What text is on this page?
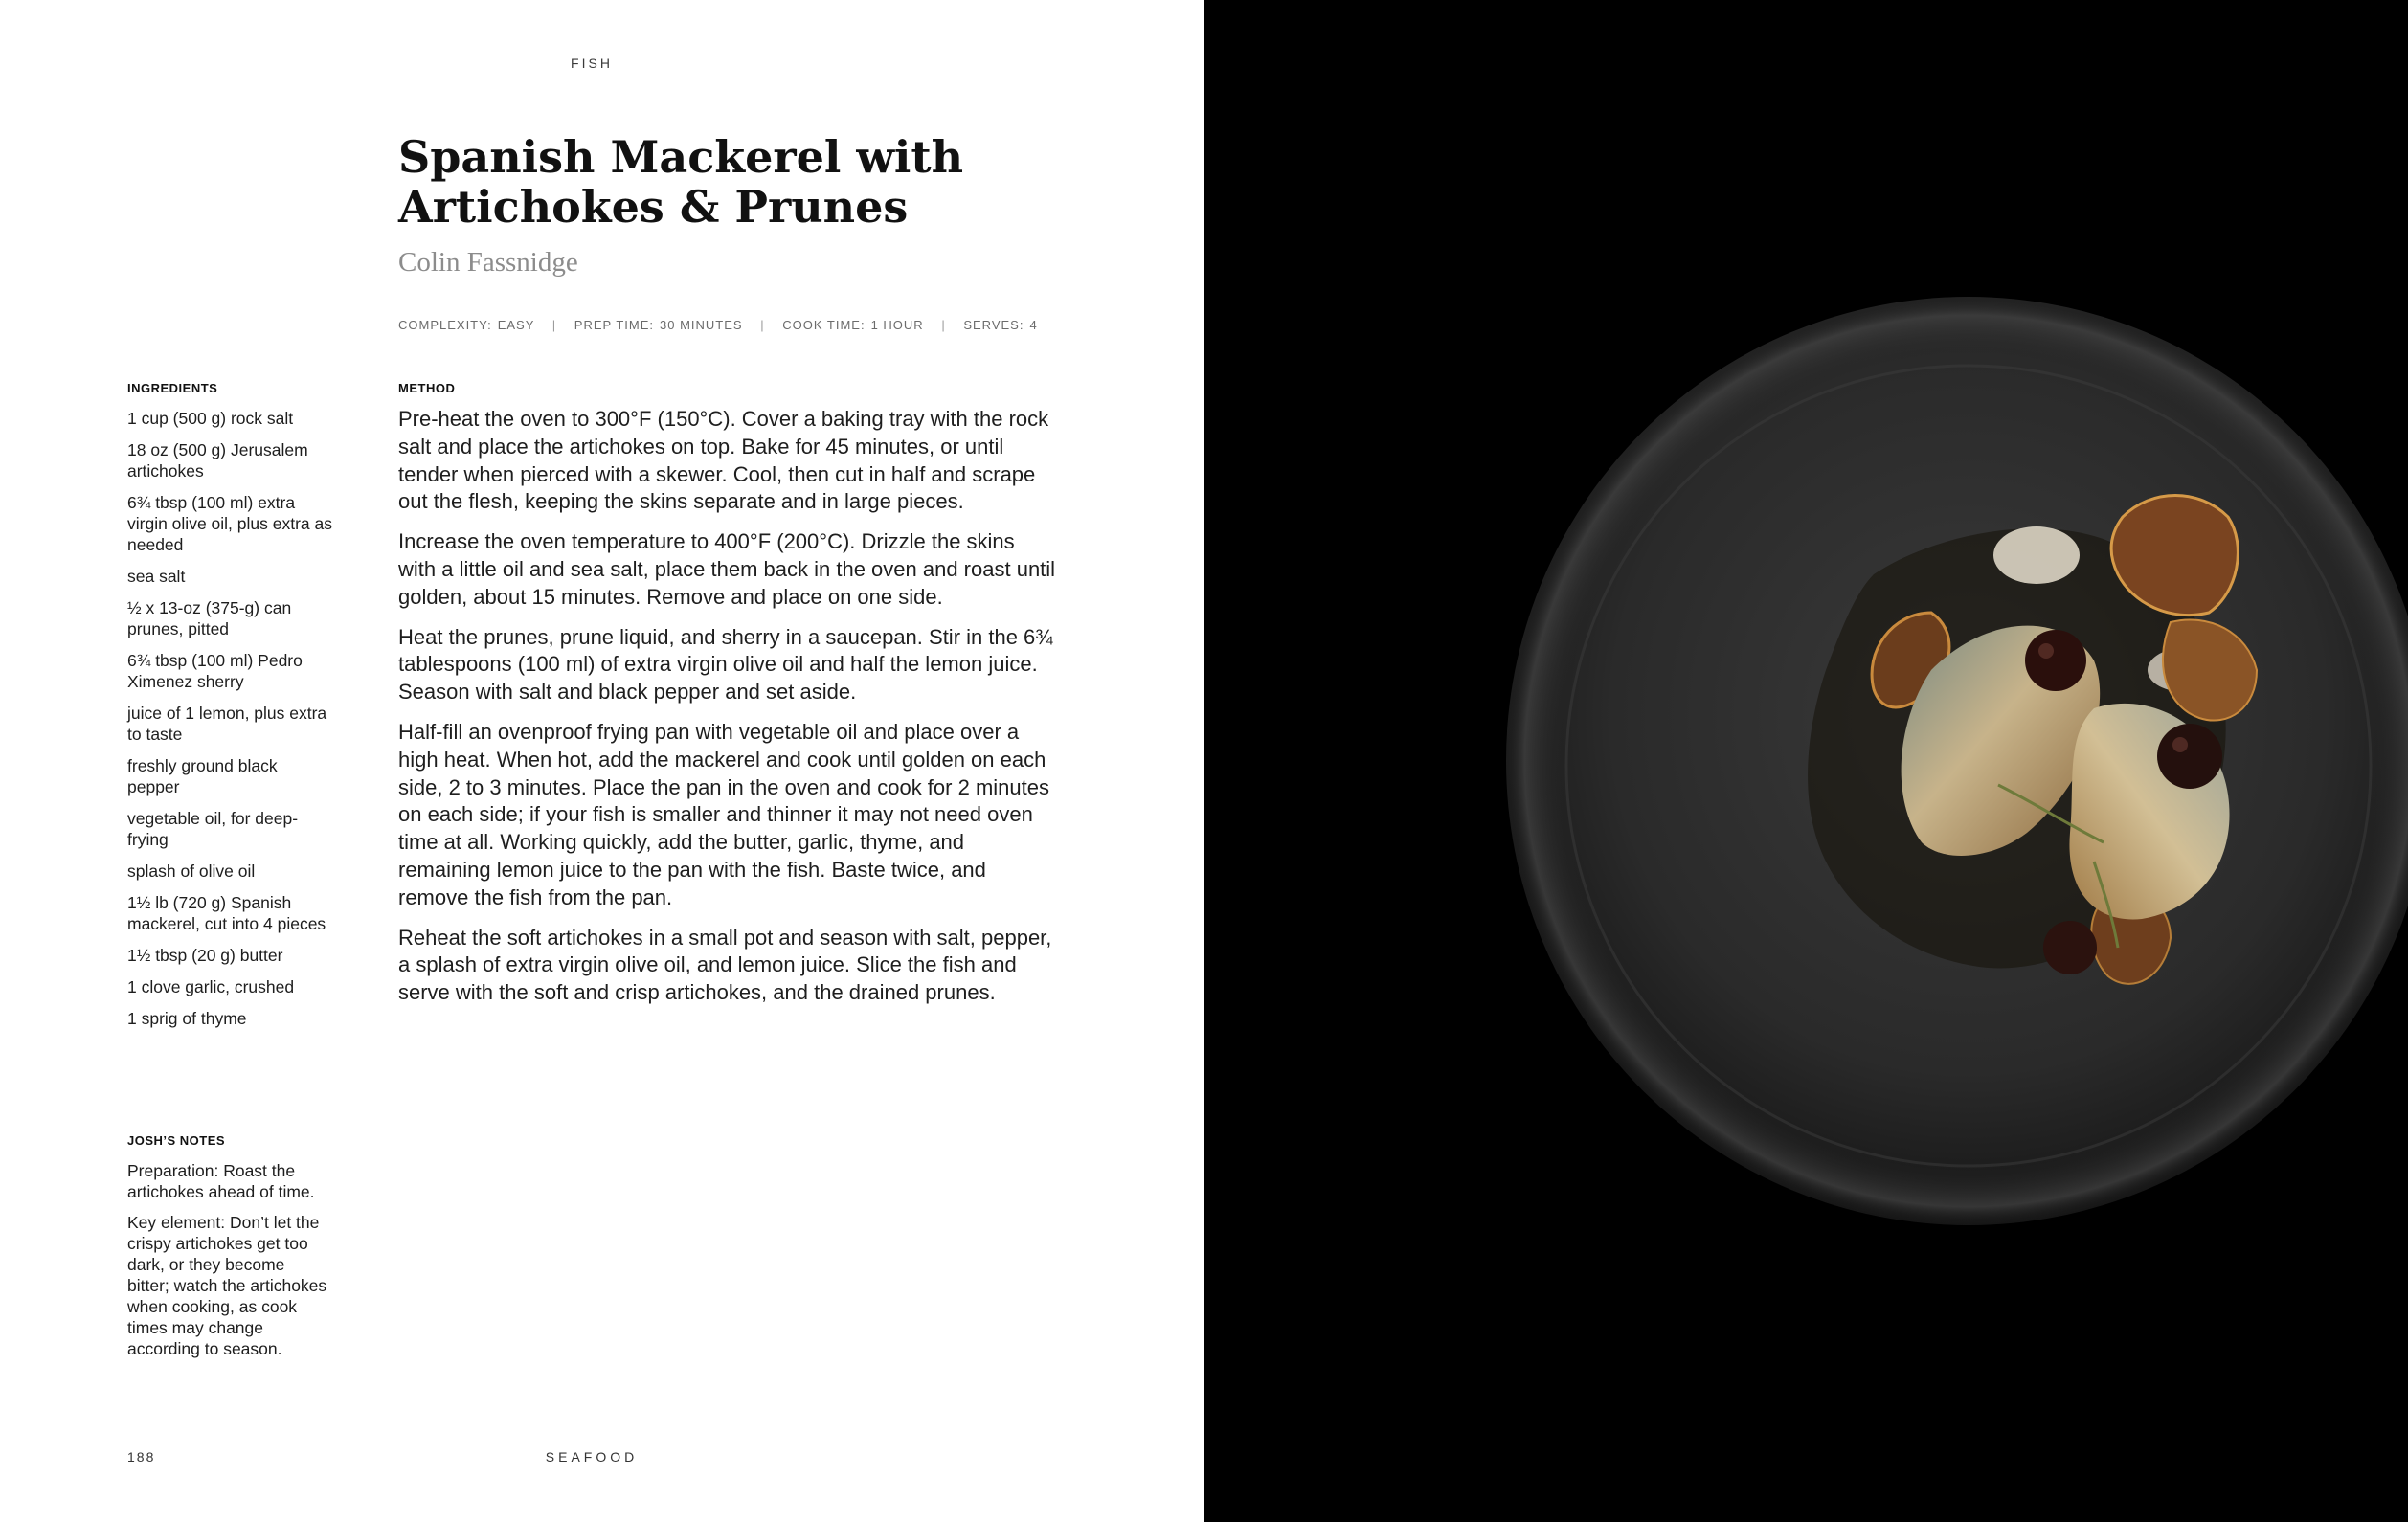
FISH
Spanish Mackerel with Artichokes & Prunes
Colin Fassnidge
COMPLEXITY: EASY | PREP TIME: 30 MINUTES | COOK TIME: 1 HOUR | SERVES: 4
INGREDIENTS
1 cup (500 g) rock salt
18 oz (500 g) Jerusalem artichokes
6¾ tbsp (100 ml) extra virgin olive oil, plus extra as needed
sea salt
½ x 13-oz (375-g) can prunes, pitted
6¾ tbsp (100 ml) Pedro Ximenez sherry
juice of 1 lemon, plus extra to taste
freshly ground black pepper
vegetable oil, for deep-frying
splash of olive oil
1½ lb (720 g) Spanish mackerel, cut into 4 pieces
1½ tbsp (20 g) butter
1 clove garlic, crushed
1 sprig of thyme
METHOD

Pre-heat the oven to 300°F (150°C). Cover a baking tray with the rock salt and place the artichokes on top. Bake for 45 minutes, or until tender when pierced with a skewer. Cool, then cut in half and scrape out the flesh, keeping the skins separate and in large pieces.

Increase the oven temperature to 400°F (200°C). Drizzle the skins with a little oil and sea salt, place them back in the oven and roast until golden, about 15 minutes. Remove and place on one side.

Heat the prunes, prune liquid, and sherry in a saucepan. Stir in the 6¾ tablespoons (100 ml) of extra virgin olive oil and half the lemon juice. Season with salt and black pepper and set aside.

Half-fill an ovenproof frying pan with vegetable oil and place over a high heat. When hot, add the mackerel and cook until golden on each side, 2 to 3 minutes. Place the pan in the oven and cook for 2 minutes on each side; if your fish is smaller and thinner it may not need oven time at all. Working quickly, add the butter, garlic, thyme, and remaining lemon juice to the pan with the fish. Baste twice, and remove the fish from the pan.

Reheat the soft artichokes in a small pot and season with salt, pepper, a splash of extra virgin olive oil, and lemon juice. Slice the fish and serve with the soft and crisp artichokes, and the drained prunes.

JOSH’S NOTES

Preparation: Roast the artichokes ahead of time.

Key element: Don’t let the crispy artichokes get too dark, or they become bitter; watch the artichokes when cooking, as cook times may change according to season.

188	SEAFOOD
